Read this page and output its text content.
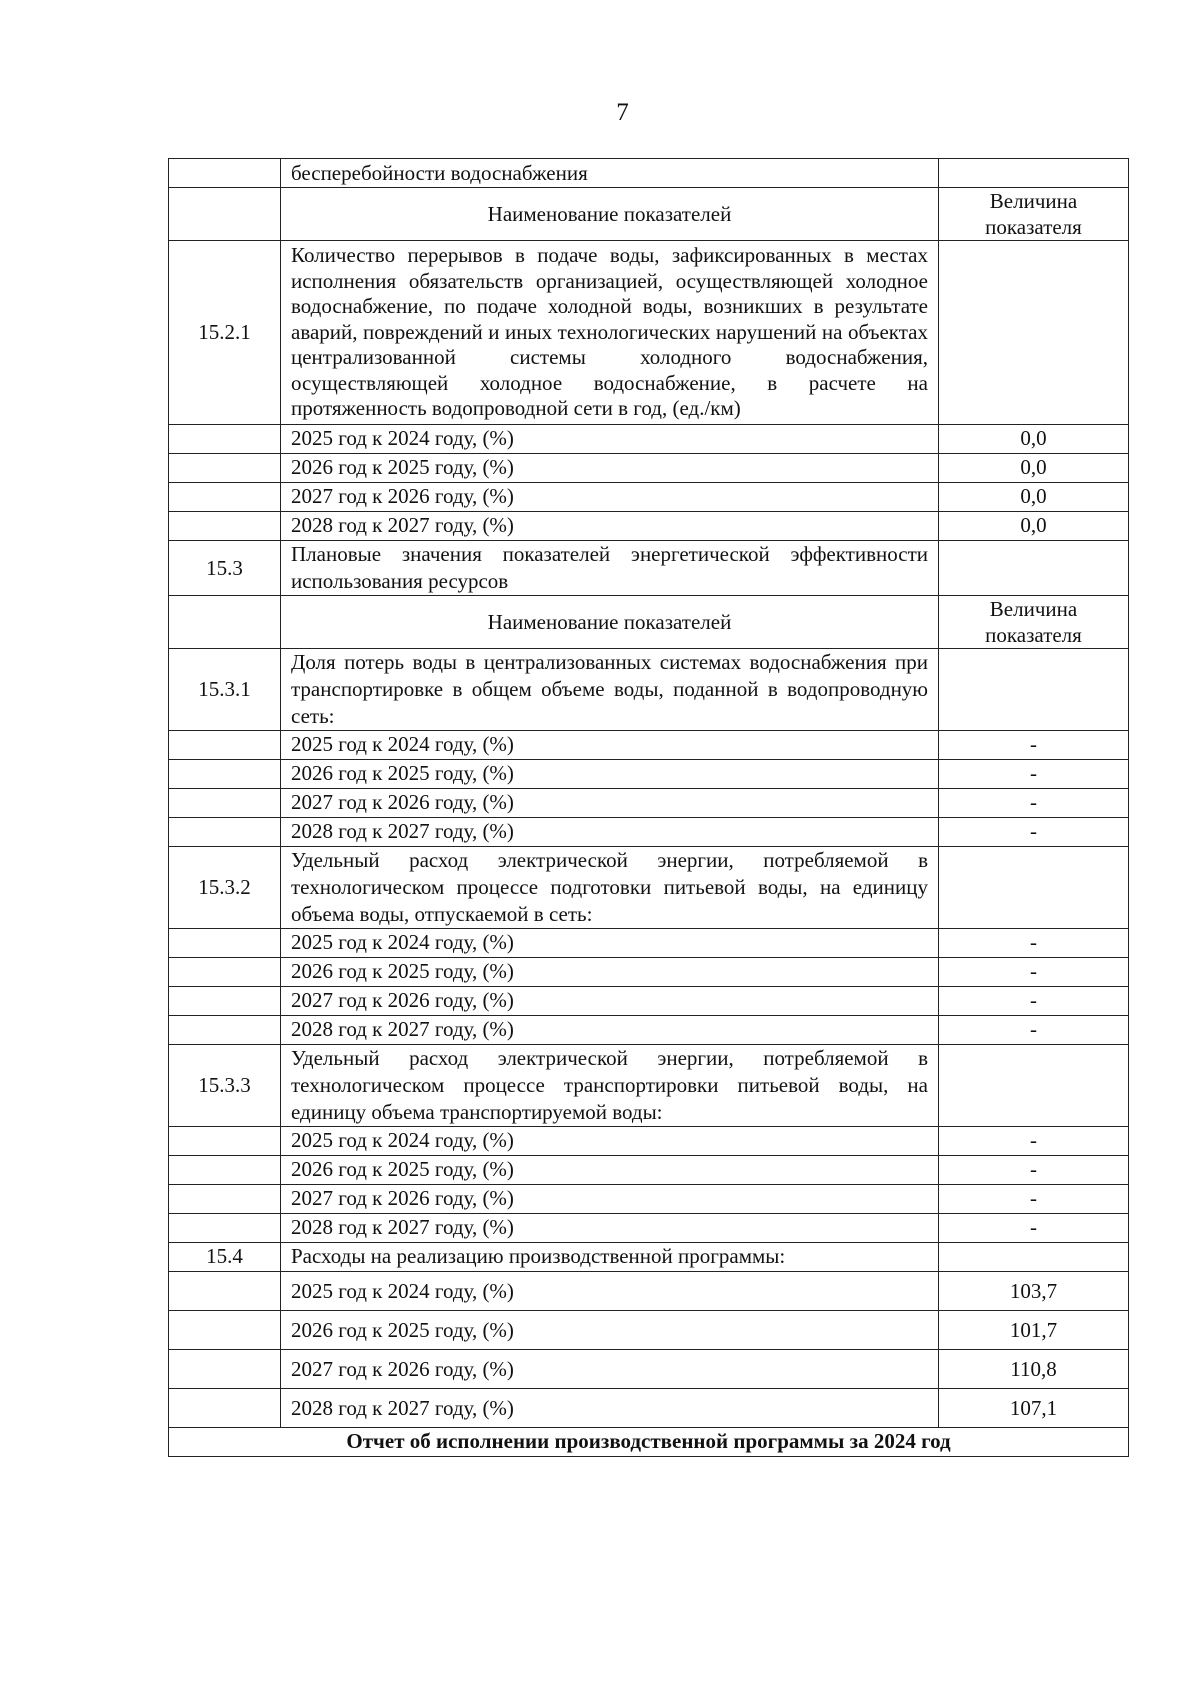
7
	бесперебойности водоснабжения	
	Наименование показателей	Величина показателя
15.2.1	Количество перерывов в подаче воды, зафиксированных в местах исполнения обязательств организацией, осуществляющей холодное водоснабжение, по подаче холодной воды, возникших в результате аварий, повреждений и иных технологических нарушений на объектах централизованной системы холодного водоснабжения, осуществляющей холодное водоснабжение, в расчете на протяженность водопроводной сети в год, (ед./км)	
	2025 год к 2024 году, (%)	0,0
	2026 год к 2025 году, (%)	0,0
	2027 год к 2026 году, (%)	0,0
	2028 год к 2027 году, (%)	0,0
15.3	Плановые значения показателей энергетической эффективности использования ресурсов	
	Наименование показателей	Величина показателя
15.3.1	Доля потерь воды в централизованных системах водоснабжения при транспортировке в общем объеме воды, поданной в водопроводную сеть:	
	2025 год к 2024 году, (%)	-
	2026 год к 2025 году, (%)	-
	2027 год к 2026 году, (%)	-
	2028 год к 2027 году, (%)	-
15.3.2	Удельный расход электрической энергии, потребляемой в технологическом процессе подготовки питьевой воды, на единицу объема воды, отпускаемой в сеть:	
	2025 год к 2024 году, (%)	-
	2026 год к 2025 году, (%)	-
	2027 год к 2026 году, (%)	-
	2028 год к 2027 году, (%)	-
15.3.3	Удельный расход электрической энергии, потребляемой в технологическом процессе транспортировки питьевой воды, на единицу объема транспортируемой воды:	
	2025 год к 2024 году, (%)	-
	2026 год к 2025 году, (%)	-
	2027 год к 2026 году, (%)	-
	2028 год к 2027 году, (%)	-
15.4	Расходы на реализацию производственной программы:	
	2025 год к 2024 году, (%)	103,7
	2026 год к 2025 году, (%)	101,7
	2027 год к 2026 году, (%)	110,8
	2028 год к 2027 году, (%)	107,1
Отчет об исполнении производственной программы за 2024 год		
